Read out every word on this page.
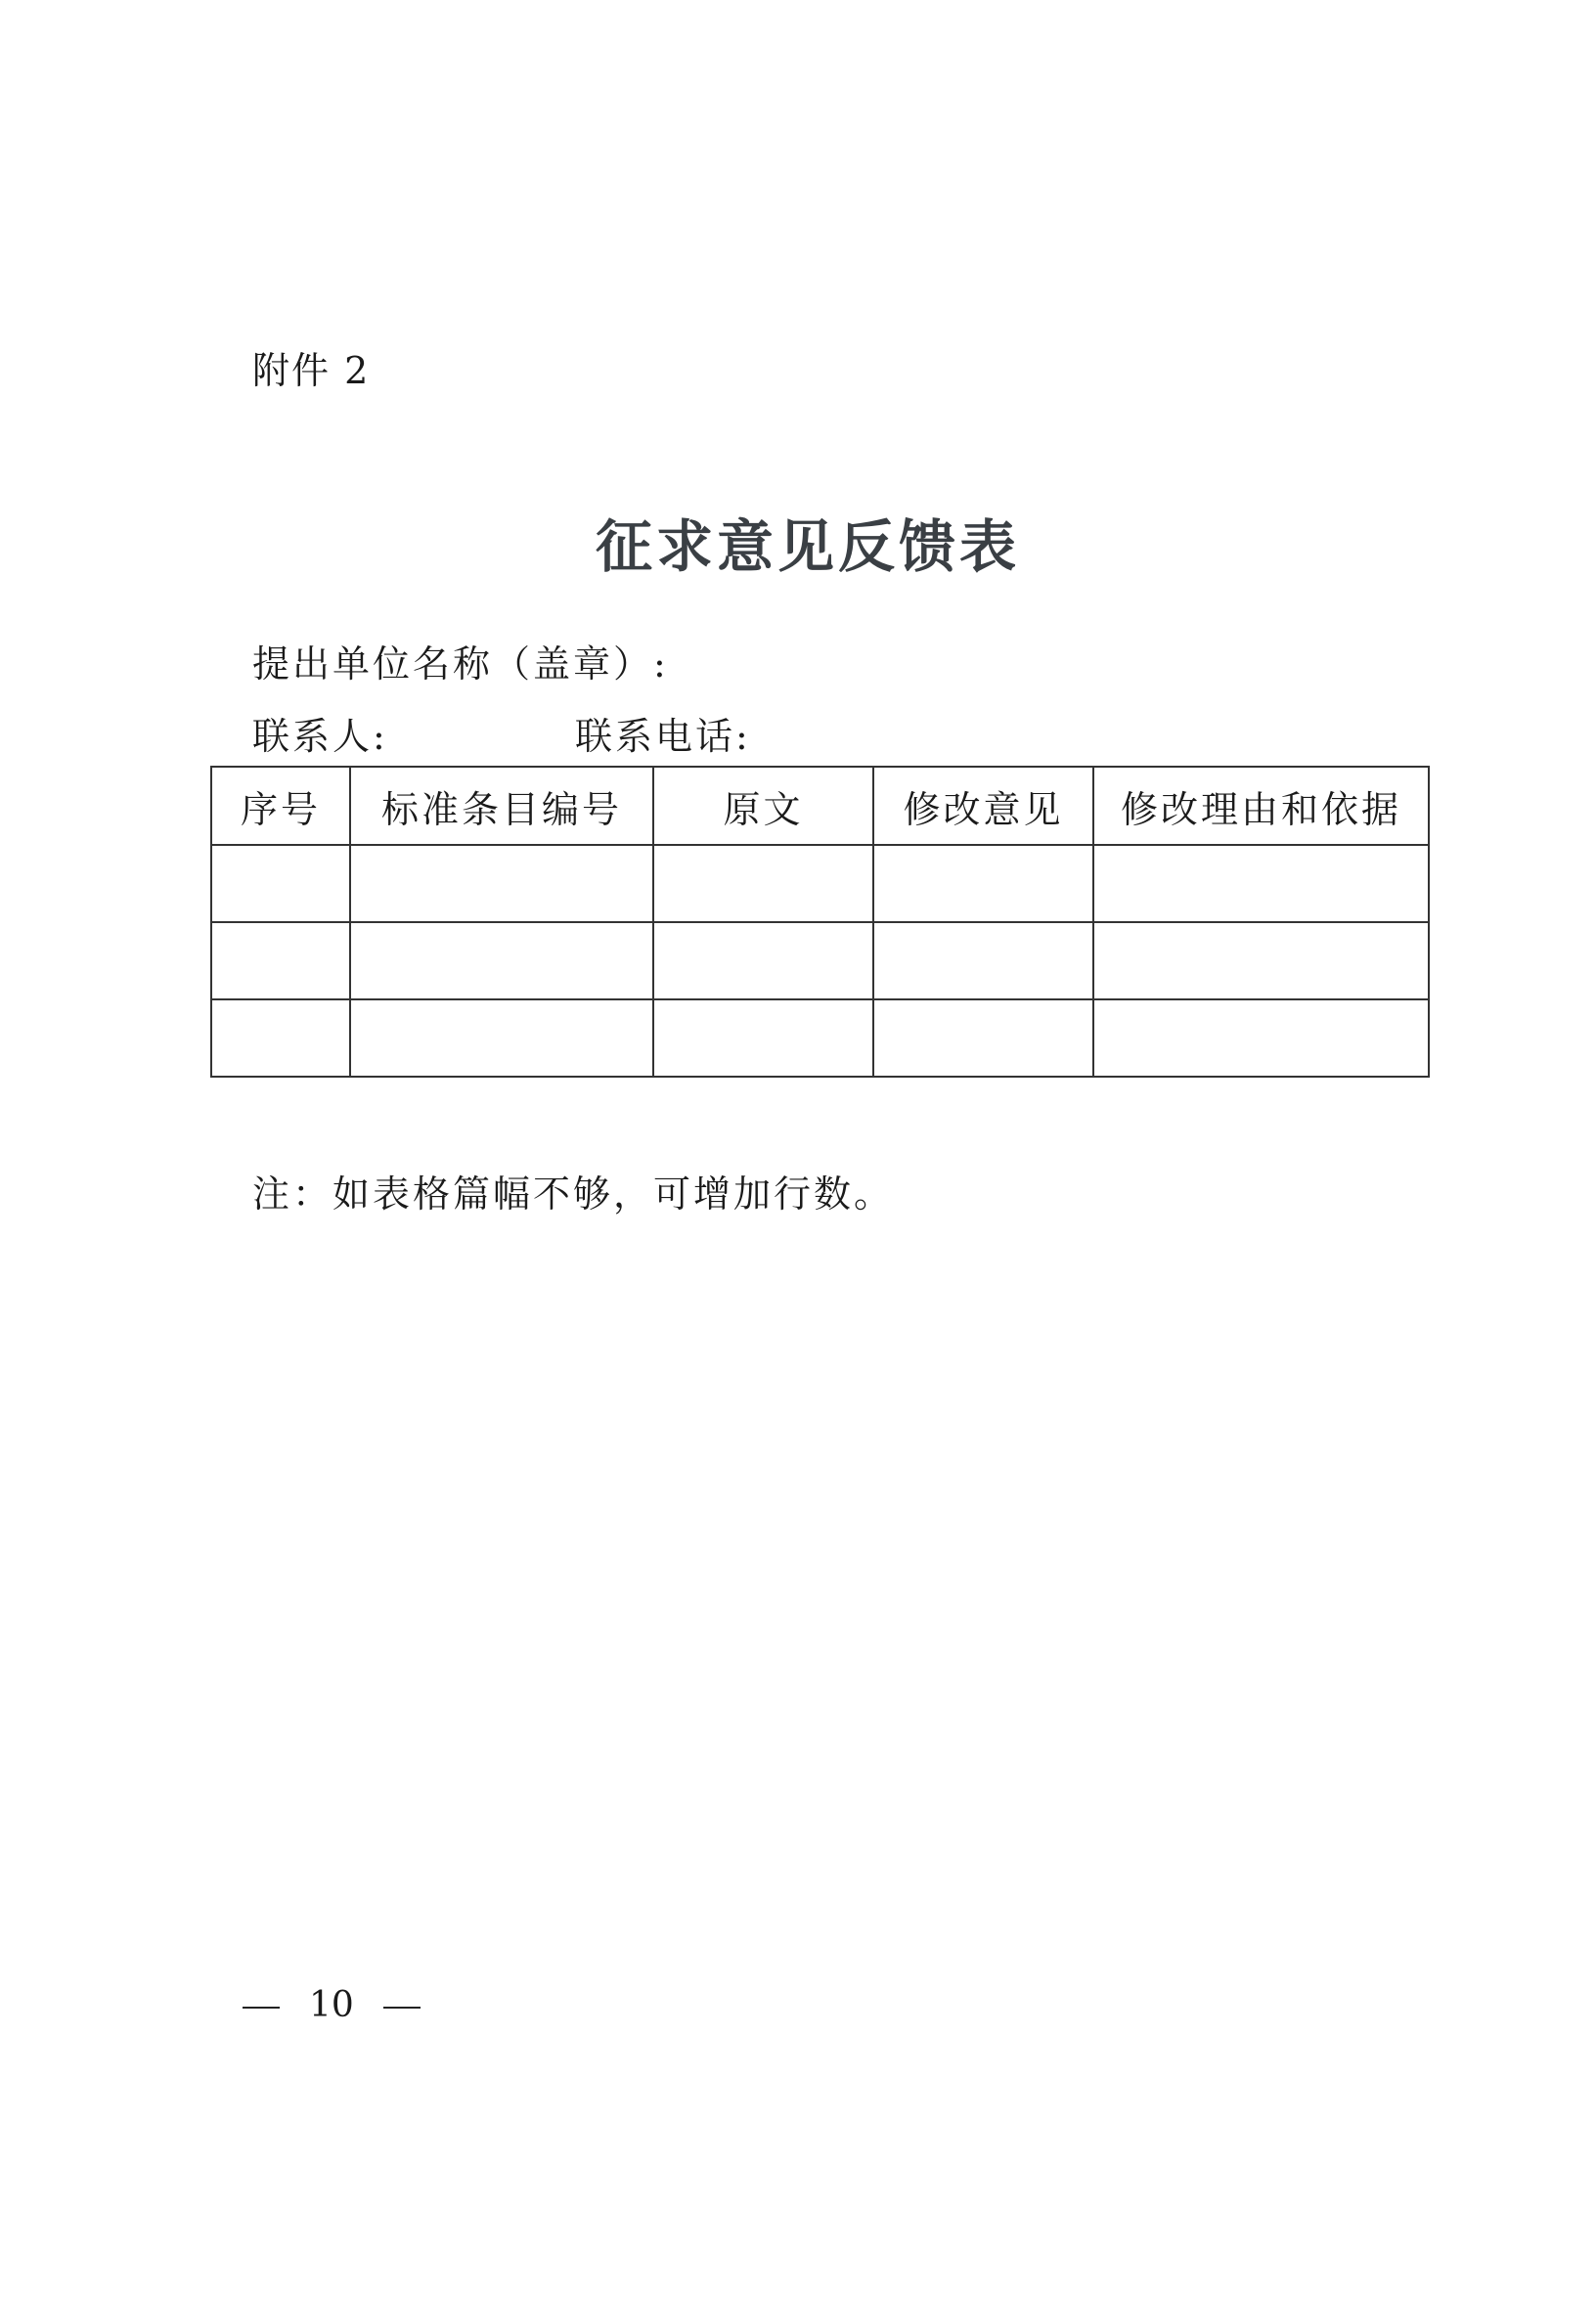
附件 2
征求意见反馈表
提出单位名称（盖章）:
联系人:	联系电话:
序号	标准条目编号	原文	修改意见	修改理由和依据

注：如表格篇幅不够，可增加行数。
10
